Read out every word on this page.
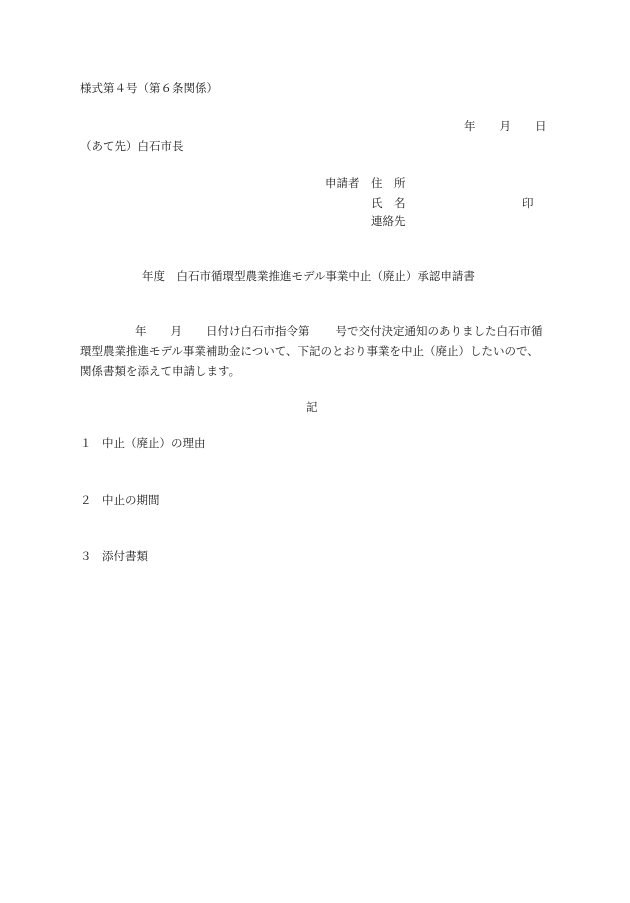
様式第４号（第６条関係）
年 月 日
（あて先）白石市長
申請者 住　所
氏　名	印
連絡先
年度　白石市循環型農業推進モデル事業中止（廃止）承認申請書
年 月 日付け白石市指令第 号で交付決定通知のありました白石市循
環型農業推進モデル事業補助金について、下記のとおり事業を中止（廃止）したいので、
関係書類を添えて申請します。
記
１ 中止（廃止）の理由
２ 中止の期間
３ 添付書類
